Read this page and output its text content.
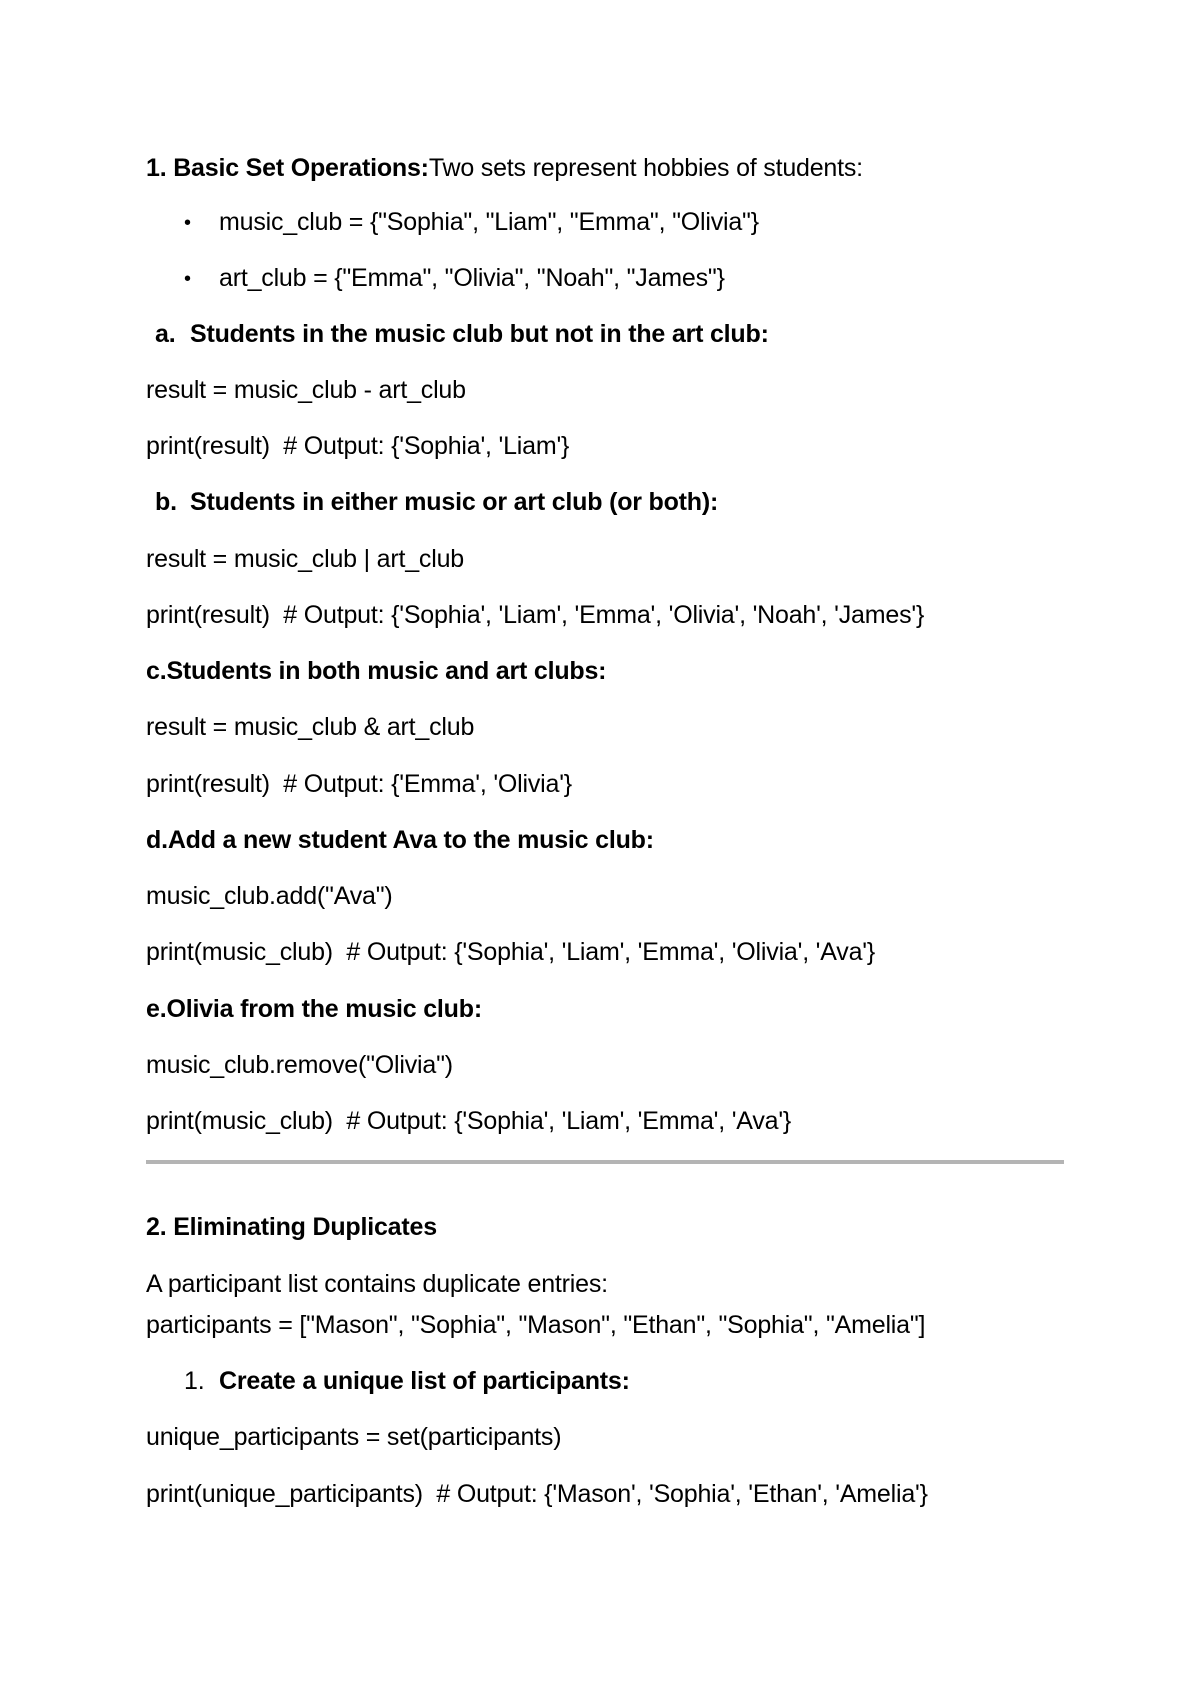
1. Basic Set Operations:Two sets represent hobbies of students:
• music_club = {"Sophia", "Liam", "Emma", "Olivia"}
• art_club = {"Emma", "Olivia", "Noah", "James"}
a. Students in the music club but not in the art club:
result = music_club - art_club
print(result)  # Output: {'Sophia', 'Liam'}
b. Students in either music or art club (or both):
result = music_club | art_club
print(result)  # Output: {'Sophia', 'Liam', 'Emma', 'Olivia', 'Noah', 'James'}
c.Students in both music and art clubs:
result = music_club & art_club
print(result)  # Output: {'Emma', 'Olivia'}
d.Add a new student Ava to the music club:
music_club.add("Ava")
print(music_club)  # Output: {'Sophia', 'Liam', 'Emma', 'Olivia', 'Ava'}
e.Olivia from the music club:
music_club.remove("Olivia")
print(music_club)  # Output: {'Sophia', 'Liam', 'Emma', 'Ava'}
2. Eliminating Duplicates
A participant list contains duplicate entries:
participants = ["Mason", "Sophia", "Mason", "Ethan", "Sophia", "Amelia"]
1. Create a unique list of participants:
unique_participants = set(participants)
print(unique_participants)  # Output: {'Mason', 'Sophia', 'Ethan', 'Amelia'}
